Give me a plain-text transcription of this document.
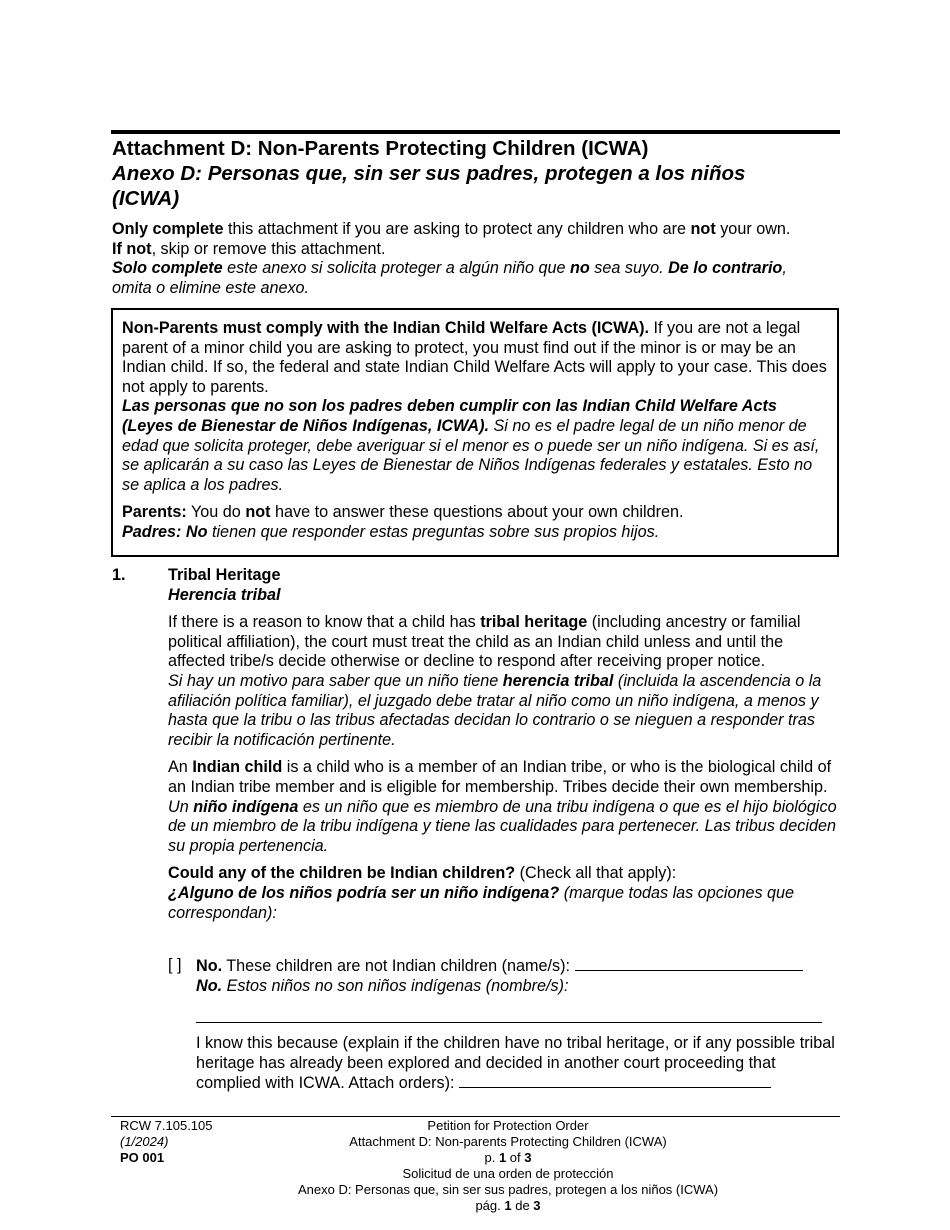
Attachment D: Non-Parents Protecting Children (ICWA)
Anexo D: Personas que, sin ser sus padres, protegen a los niños
(ICWA)
Only complete this attachment if you are asking to protect any children who are not your own.
If not, skip or remove this attachment.
Solo complete este anexo si solicita proteger a algún niño que no sea suyo. De lo contrario,
omita o elimine este anexo.

Non-Parents must comply with the Indian Child Welfare Acts (ICWA). If you are not a legal parent of a minor child you are asking to protect, you must find out if the minor is or may be an Indian child. If so, the federal and state Indian Child Welfare Acts will apply to your case. This does not apply to parents.

Las personas que no son los padres deben cumplir con las Indian Child Welfare Acts (Leyes de Bienestar de Niños Indígenas, ICWA). Si no es el padre legal de un niño menor de edad que solicita proteger, debe averiguar si el menor es o puede ser un niño indígena. Si es así, se aplicarán a su caso las Leyes de Bienestar de Niños Indígenas federales y estatales. Esto no se aplica a los padres.

Parents: You do not have to answer these questions about your own children.

Padres: No tienen que responder estas preguntas sobre sus propios hijos.

1.	Tribal Heritage

Herencia tribal

If there is a reason to know that a child has tribal heritage (including ancestry or familial political affiliation), the court must treat the child as an Indian child unless and until the affected tribe/s decide otherwise or decline to respond after receiving proper notice.

Si hay un motivo para saber que un niño tiene herencia tribal (incluida la ascendencia o la afiliación política familiar), el juzgado debe tratar al niño como un niño indígena, a menos y hasta que la tribu o las tribus afectadas decidan lo contrario o se nieguen a responder tras recibir la notificación pertinente.

An Indian child is a child who is a member of an Indian tribe, or who is the biological child of an Indian tribe member and is eligible for membership. Tribes decide their own membership.

Un niño indígena es un niño que es miembro de una tribu indígena o que es el hijo biológico de un miembro de la tribu indígena y tiene las cualidades para pertenecer. Las tribus deciden su propia pertenencia.

Could any of the children be Indian children? (Check all that apply):

¿Alguno de los niños podría ser un niño indígena? (marque todas las opciones que correspondan):

[ ] No. These children are not Indian children (name/s):
No. Estos niños no son niños indígenas (nombre/s):
I know this because (explain if the children have no tribal heritage, or if any possible tribal heritage has already been explored and decided in another court proceeding that complied with ICWA. Attach orders):
RCW 7.105.105
(1/2024)
PO 001
Petition for Protection Order
Attachment D: Non-parents Protecting Children (ICWA)
p. 1 of 3
Solicitud de una orden de protección
Anexo D: Personas que, sin ser sus padres, protegen a los niños (ICWA)
pág. 1 de 3
